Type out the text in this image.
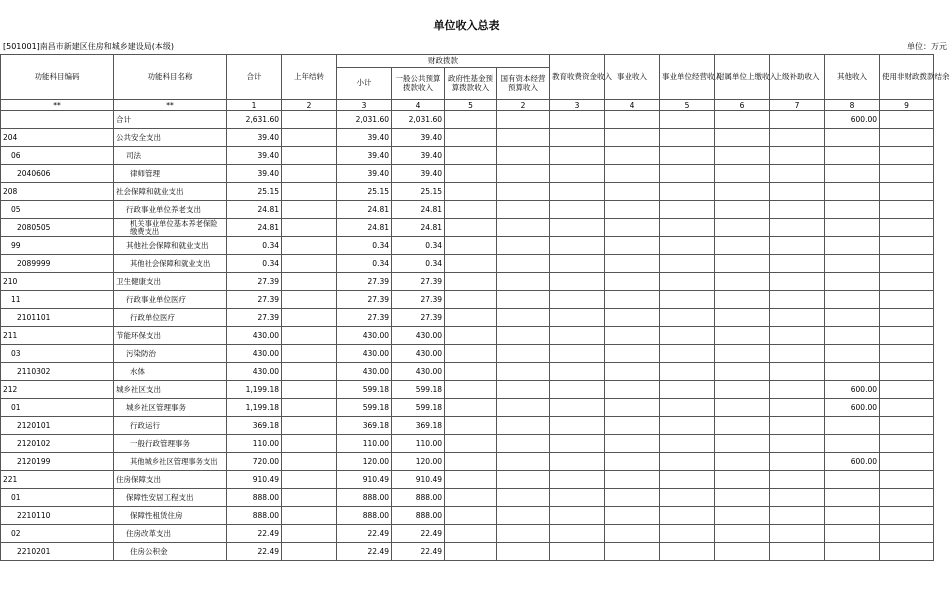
单位收入总表
[501001]南昌市新建区住房和城乡建设局(本级)	单位：万元
功能科目编码	功能科目名称	合计	上年结转	财政拨款				教育收费资金收入	事业收入	事业单位经营收入	附属单位上缴收入	上级补助收入	其他收入	使用非财政拨款结余
				小计	一般公共预算拨款收入	政府性基金预算拨款收入	国有资本经营预算收入							
**	**	1	2	3	4	5	2	3	4	5	6	7	8	9
	合计	2,631.60		2,031.60	2,031.60								600.00	
204	公共安全支出	39.40		39.40	39.40									
06	司法	39.40		39.40	39.40									
2040606	律师管理	39.40		39.40	39.40									
208	社会保障和就业支出	25.15		25.15	25.15									
05	行政事业单位养老支出	24.81		24.81	24.81									
2080505	机关事业单位基本养老保险缴费支出	24.81		24.81	24.81									
99	其他社会保障和就业支出	0.34		0.34	0.34									
2089999	其他社会保障和就业支出	0.34		0.34	0.34									
210	卫生健康支出	27.39		27.39	27.39									
11	行政事业单位医疗	27.39		27.39	27.39									
2101101	行政单位医疗	27.39		27.39	27.39									
211	节能环保支出	430.00		430.00	430.00									
03	污染防治	430.00		430.00	430.00									
2110302	水体	430.00		430.00	430.00									
212	城乡社区支出	1,199.18		599.18	599.18								600.00	
01	城乡社区管理事务	1,199.18		599.18	599.18								600.00	
2120101	行政运行	369.18		369.18	369.18									
2120102	一般行政管理事务	110.00		110.00	110.00									
2120199	其他城乡社区管理事务支出	720.00		120.00	120.00								600.00	
221	住房保障支出	910.49		910.49	910.49									
01	保障性安居工程支出	888.00		888.00	888.00									
2210110	保障性租赁住房	888.00		888.00	888.00									
02	住房改革支出	22.49		22.49	22.49									
2210201	住房公积金	22.49		22.49	22.49									
